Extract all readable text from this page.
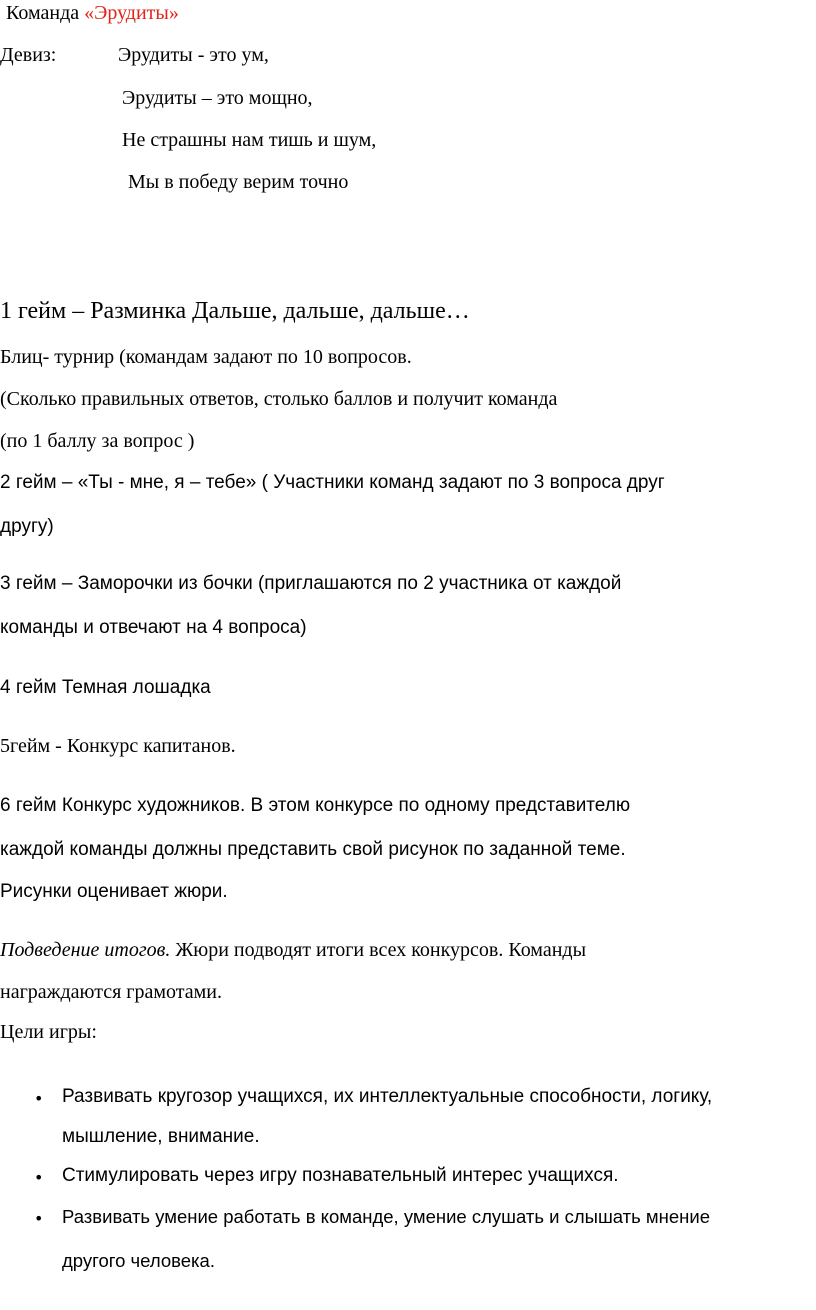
Команда «Эрудиты»
Девиз:	Эрудиты - это ум,
Эрудиты – это мощно,
Не страшны нам тишь и шум,
Мы в победу верим точно
1 гейм – Разминка Дальше, дальше, дальше…
Блиц- турнир (командам задают по 10 вопросов.
(Сколько правильных ответов, столько баллов и получит команда
(по 1 баллу за вопрос )
2 гейм – «Ты - мне, я – тебе» ( Участники команд задают по 3 вопроса друг
другу)
3 гейм – Заморочки из бочки (приглашаются по 2 участника от каждой
команды и отвечают на 4 вопроса)
4 гейм Темная лошадка
5гейм - Конкурс капитанов.
6 гейм Конкурс художников. В этом конкурсе по одному представителю
каждой команды должны представить свой рисунок по заданной теме.
Рисунки оценивает жюри.
Подведение итогов. Жюри подводят итоги всех конкурсов. Команды
награждаются грамотами.
Цели игры:
• Развивать кругозор учащихся, их интеллектуальные способности, логику,
мышление, внимание.
• Стимулировать через игру познавательный интерес учащихся.
• Развивать умение работать в команде, умение слушать и слышать мнение
другого человека.
